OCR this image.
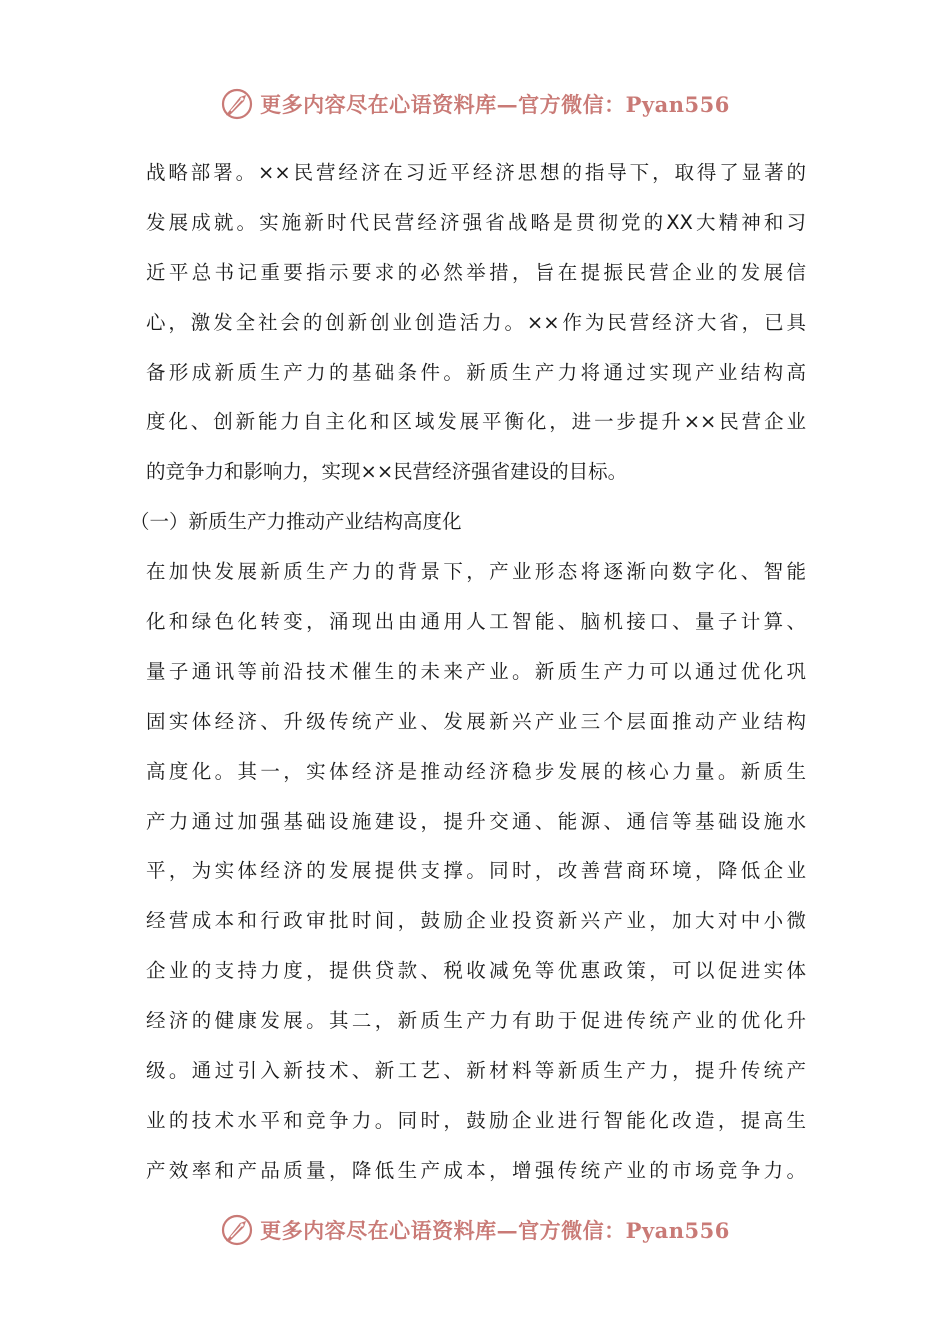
更多内容尽在心语资料库—官方微信：Pyan556
战略部署。××民营经济在习近平经济思想的指导下，取得了显著的
发展成就。实施新时代民营经济强省战略是贯彻党的XX大精神和习
近平总书记重要指示要求的必然举措，旨在提振民营企业的发展信
心，激发全社会的创新创业创造活力。××作为民营经济大省，已具
备形成新质生产力的基础条件。新质生产力将通过实现产业结构高
度化、创新能力自主化和区域发展平衡化，进一步提升××民营企业
的竞争力和影响力，实现××民营经济强省建设的目标。
（一）新质生产力推动产业结构高度化
在加快发展新质生产力的背景下，产业形态将逐渐向数字化、智能
化和绿色化转变，涌现出由通用人工智能、脑机接口、量子计算、
量子通讯等前沿技术催生的未来产业。新质生产力可以通过优化巩
固实体经济、升级传统产业、发展新兴产业三个层面推动产业结构
高度化。其一，实体经济是推动经济稳步发展的核心力量。新质生
产力通过加强基础设施建设，提升交通、能源、通信等基础设施水
平，为实体经济的发展提供支撑。同时，改善营商环境，降低企业
经营成本和行政审批时间，鼓励企业投资新兴产业，加大对中小微
企业的支持力度，提供贷款、税收减免等优惠政策，可以促进实体
经济的健康发展。其二，新质生产力有助于促进传统产业的优化升
级。通过引入新技术、新工艺、新材料等新质生产力，提升传统产
业的技术水平和竞争力。同时，鼓励企业进行智能化改造，提高生
产效率和产品质量，降低生产成本，增强传统产业的市场竞争力。
更多内容尽在心语资料库—官方微信：Pyan556
